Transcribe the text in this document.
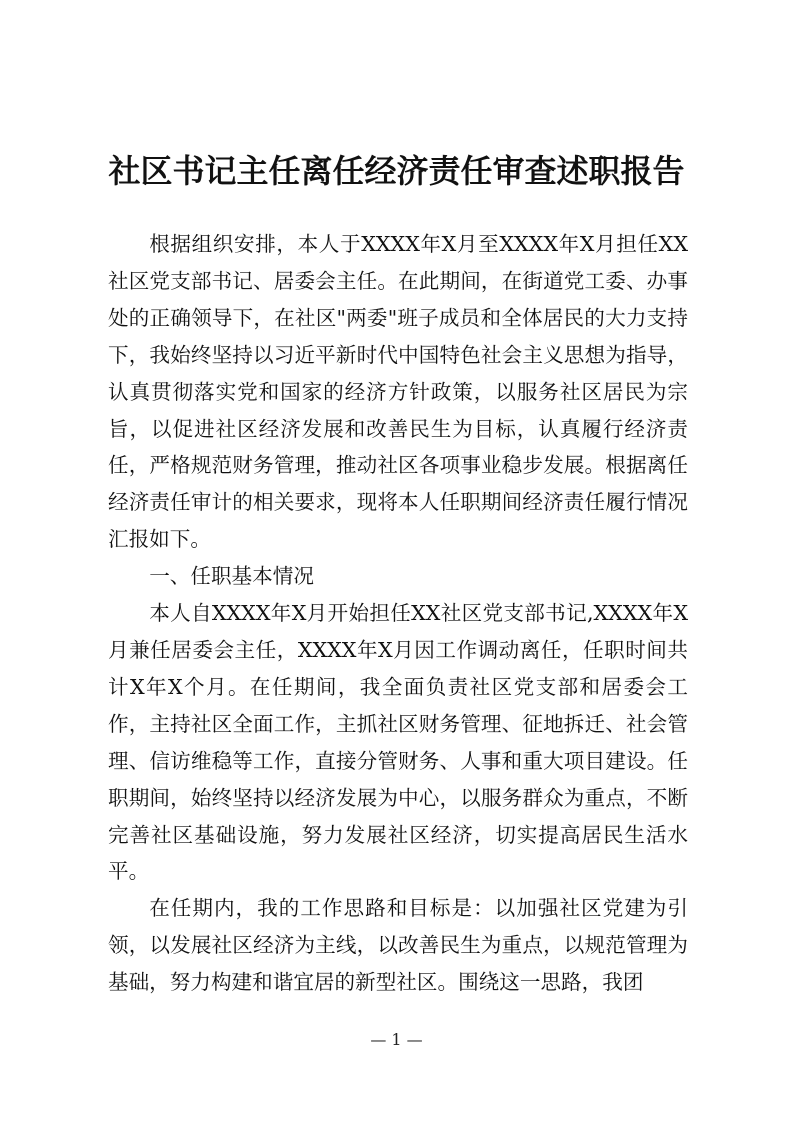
社区书记主任离任经济责任审查述职报告

根据组织安排，本人于XXXX年X月至XXXX年X月担任XX社区党支部书记、居委会主任。在此期间，在街道党工委、办事处的正确领导下，在社区"两委"班子成员和全体居民的大力支持下，我始终坚持以习近平新时代中国特色社会主义思想为指导，认真贯彻落实党和国家的经济方针政策，以服务社区居民为宗旨，以促进社区经济发展和改善民生为目标，认真履行经济责任，严格规范财务管理，推动社区各项事业稳步发展。根据离任经济责任审计的相关要求，现将本人任职期间经济责任履行情况汇报如下。

一、任职基本情况

本人自XXXX年X月开始担任XX社区党支部书记,XXXX年X月兼任居委会主任，XXXX年X月因工作调动离任，任职时间共计X年X个月。在任期间，我全面负责社区党支部和居委会工作，主持社区全面工作，主抓社区财务管理、征地拆迁、社会管理、信访维稳等工作，直接分管财务、人事和重大项目建设。任职期间，始终坚持以经济发展为中心，以服务群众为重点，不断完善社区基础设施，努力发展社区经济，切实提高居民生活水平。

在任期内，我的工作思路和目标是：以加强社区党建为引领，以发展社区经济为主线，以改善民生为重点，以规范管理为基础，努力构建和谐宜居的新型社区。围绕这一思路，我团

— 1 —
